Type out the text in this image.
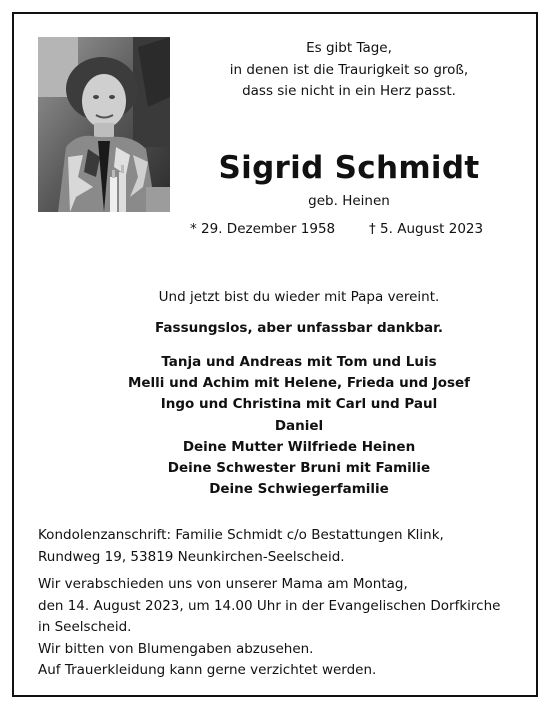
Es gibt Tage,
in denen ist die Traurigkeit so groß,
dass sie nicht in ein Herz passt.
Sigrid Schmidt
geb. Heinen
* 29. Dezember 1958	† 5. August 2023
Und jetzt bist du wieder mit Papa vereint.
Fassungslos, aber unfassbar dankbar.
Tanja und Andreas mit Tom und Luis
Melli und Achim mit Helene, Frieda und Josef
Ingo und Christina mit Carl und Paul
Daniel
Deine Mutter Wilfriede Heinen
Deine Schwester Bruni mit Familie
Deine Schwiegerfamilie
Kondolenzanschrift: Familie Schmidt c/o Bestattungen Klink,
Rundweg 19, 53819 Neunkirchen-Seelscheid.
Wir verabschieden uns von unserer Mama am Montag,
den 14. August 2023, um 14.00 Uhr in der Evangelischen Dorfkirche
in Seelscheid.
Wir bitten von Blumengaben abzusehen.
Auf Trauerkleidung kann gerne verzichtet werden.
